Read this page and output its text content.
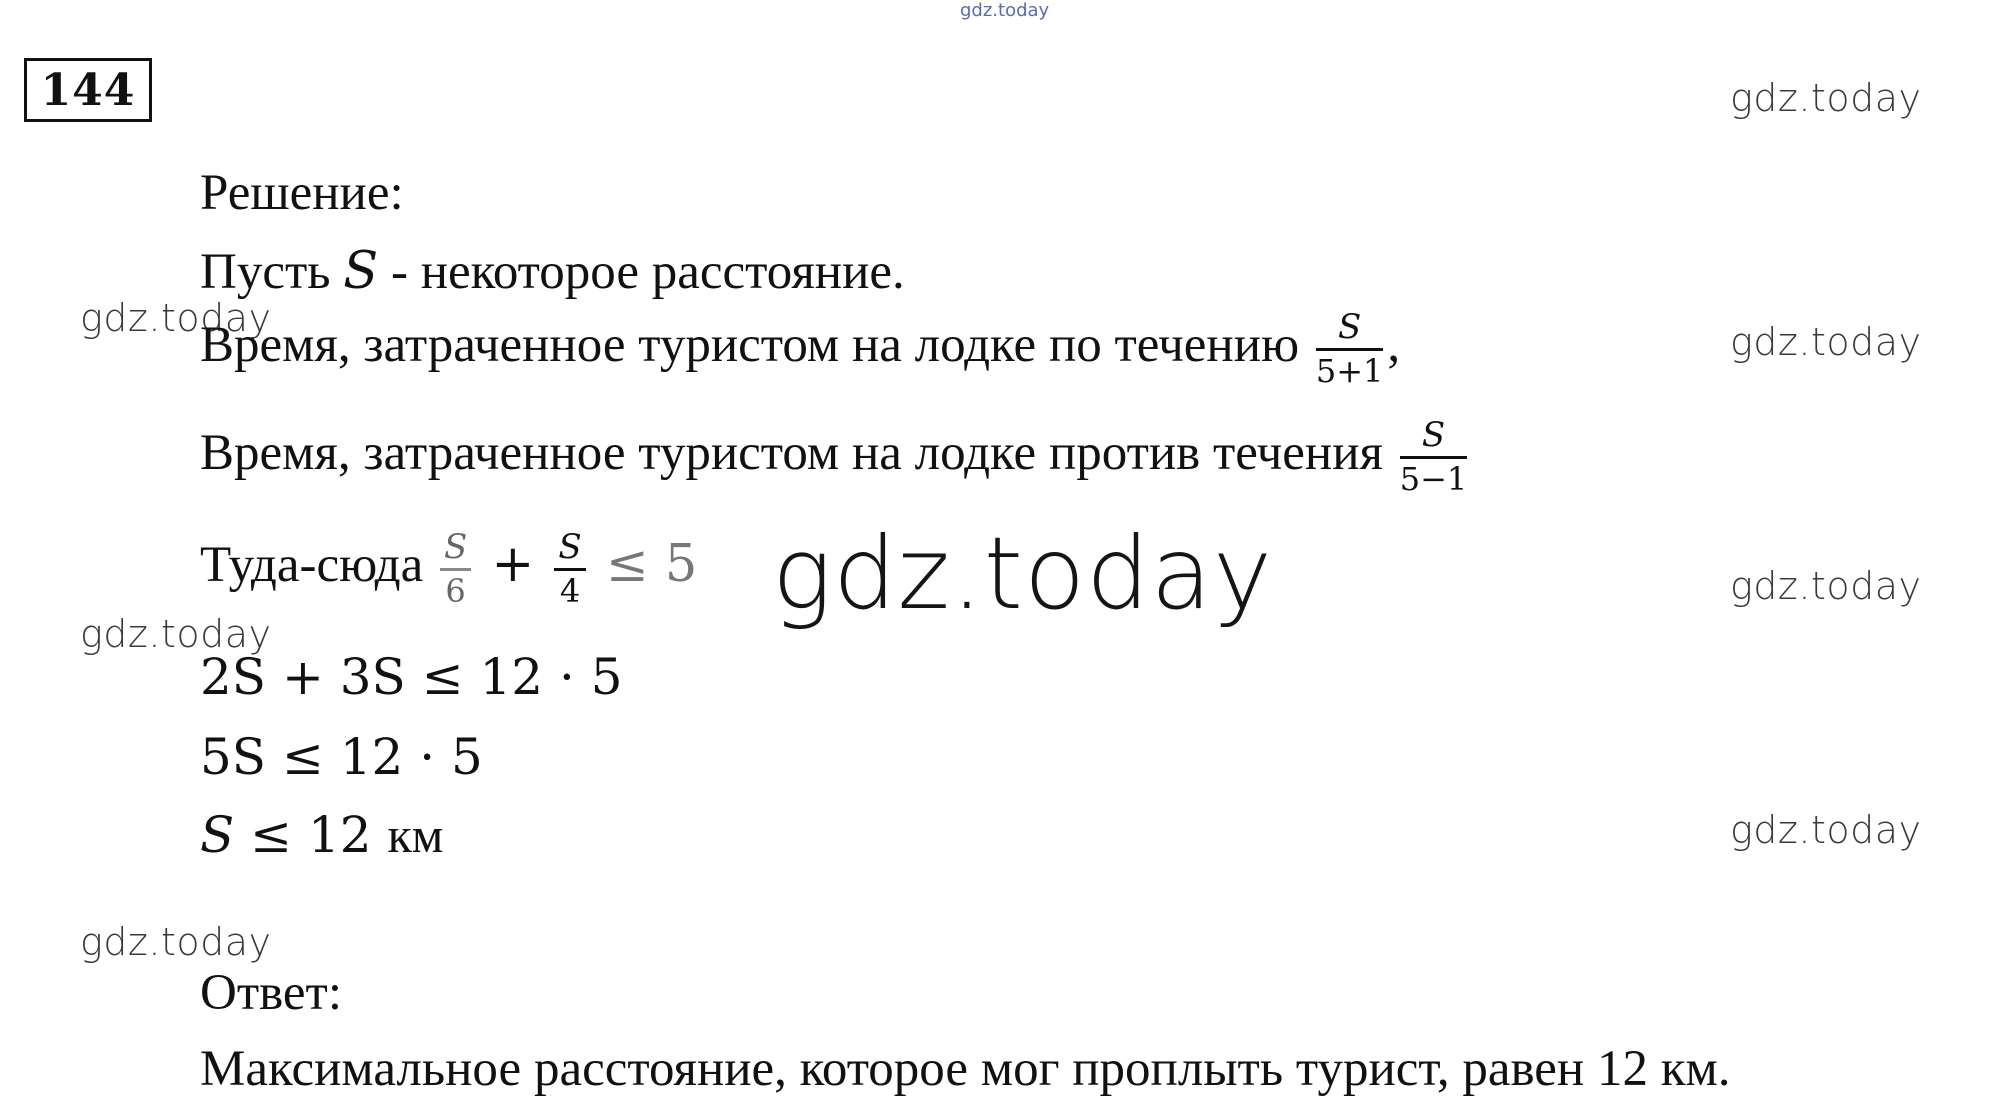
gdz.today
144	gdz.today
gdz.today
gdz.today
gdz.today
gdz.today
gdz.today
gdz.today
Решение:
Пусть S - некоторое расстояние.
Время, затраченное туристом на лодке по течению $\frac{S}{5+1}$ ,
Время, затраченное туристом на лодке против течения $\frac{S}{5-1}$
Туда-сюда $\frac{S}{6} + \frac{S}{4} \le 5$ gdz.today
2S + 3S ≤ 12 · 5
5S ≤ 12 · 5
S ≤ 12 км
Ответ:
Максимальное расстояние, которое мог проплыть турист, равен 12 км.
